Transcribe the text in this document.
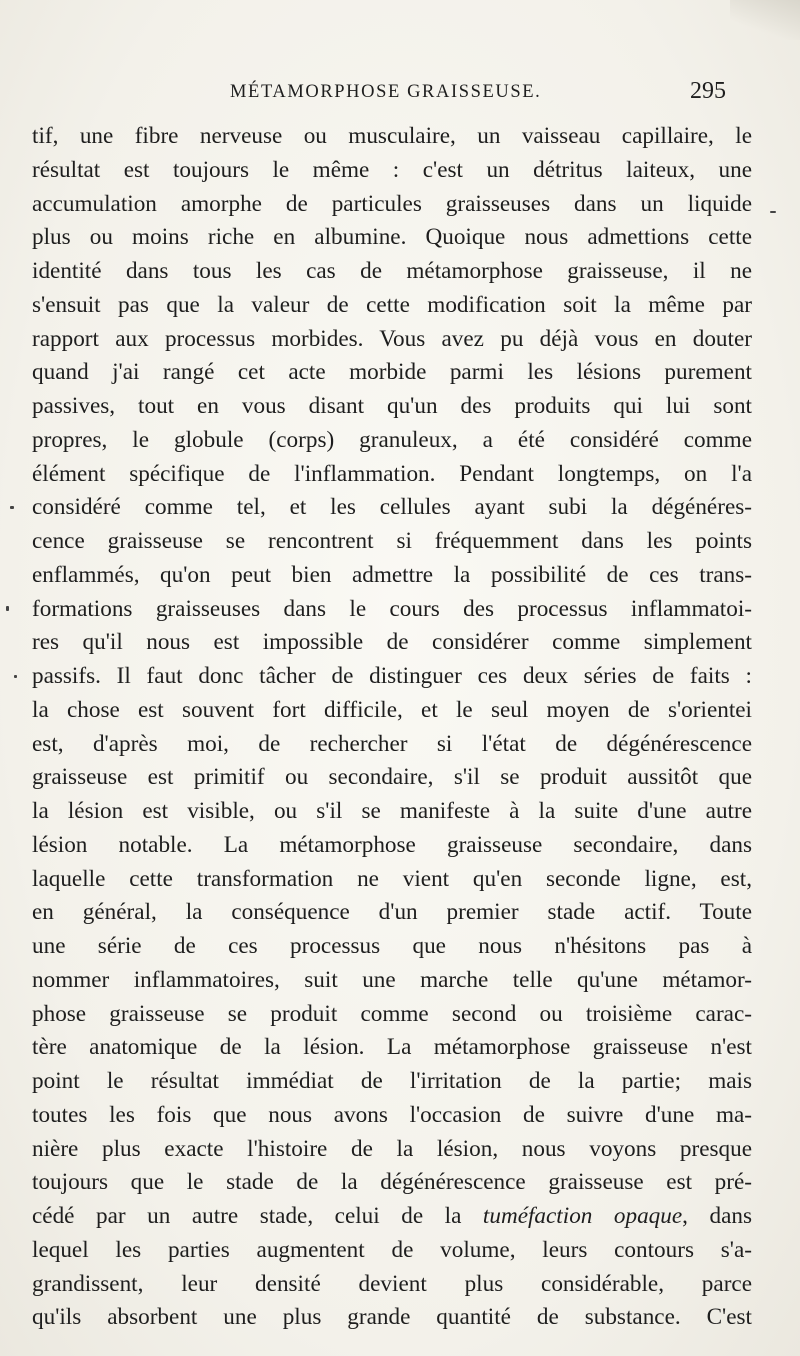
MÉTAMORPHOSE GRAISSEUSE.	295
tif, une fibre nerveuse ou musculaire, un vaisseau capillaire, le
résultat est toujours le même : c'est un détritus laiteux, une
accumulation amorphe de particules graisseuses dans un liquide
plus ou moins riche en albumine. Quoique nous admettions cette
identité dans tous les cas de métamorphose graisseuse, il ne
s'ensuit pas que la valeur de cette modification soit la même par
rapport aux processus morbides. Vous avez pu déjà vous en douter
quand j'ai rangé cet acte morbide parmi les lésions purement
passives, tout en vous disant qu'un des produits qui lui sont
propres, le globule (corps) granuleux, a été considéré comme
élément spécifique de l'inflammation. Pendant longtemps, on l'a
considéré comme tel, et les cellules ayant subi la dégénéres-
cence graisseuse se rencontrent si fréquemment dans les points
enflammés, qu'on peut bien admettre la possibilité de ces trans-
formations graisseuses dans le cours des processus inflammatoi-
res qu'il nous est impossible de considérer comme simplement
passifs. Il faut donc tâcher de distinguer ces deux séries de faits :
la chose est souvent fort difficile, et le seul moyen de s'orientei
est, d'après moi, de rechercher si l'état de dégénérescence
graisseuse est primitif ou secondaire, s'il se produit aussitôt que
la lésion est visible, ou s'il se manifeste à la suite d'une autre
lésion notable. La métamorphose graisseuse secondaire, dans
laquelle cette transformation ne vient qu'en seconde ligne, est,
en général, la conséquence d'un premier stade actif. Toute
une série de ces processus que nous n'hésitons pas à
nommer inflammatoires, suit une marche telle qu'une métamor-
phose graisseuse se produit comme second ou troisième carac-
tère anatomique de la lésion. La métamorphose graisseuse n'est
point le résultat immédiat de l'irritation de la partie; mais
toutes les fois que nous avons l'occasion de suivre d'une ma-
nière plus exacte l'histoire de la lésion, nous voyons presque
toujours que le stade de la dégénérescence graisseuse est pré-
cédé par un autre stade, celui de la tuméfaction opaque, dans
lequel les parties augmentent de volume, leurs contours s'a-
grandissent, leur densité devient plus considérable, parce
qu'ils absorbent une plus grande quantité de substance. C'est
